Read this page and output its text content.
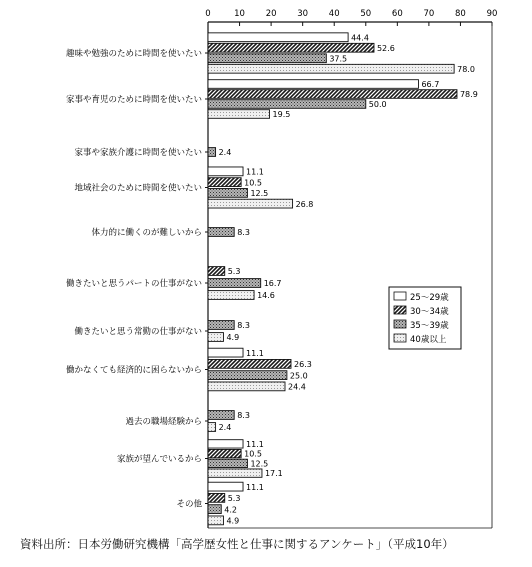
0	10 20 30 40 50 60 70 80 90
趣味や勉強のために時間を使いたい
44.4
52.6
37.5
78.0
家事や育児のために時間を使いたい
66.7
78.9
50.0
19.5
家事や家族介護に時間を使いたい 2.4
地域社会のために時間を使いたい
11.1
10.5
12.5
26.8
体力的に働くのが難しいから	8.3
働きたいと思うパートの仕事がない
5.3
16.7
14.6
働きたいと思う常勤の仕事がない
8.3
4.9
働かなくても経済的に困らないから
11.1
26.3
25.0
24.4
過去の職場経験から
8.3
2.4
家族が望んでいるから
11.1
10.5
12.5
17.1
その他
11.1
5.3
4.2
4.9
25～29歳
30～34歳
35～39歳
40歳以上
資料出所：日本労働研究機構「高学歴女性と仕事に関するアンケート」（平成10年）
